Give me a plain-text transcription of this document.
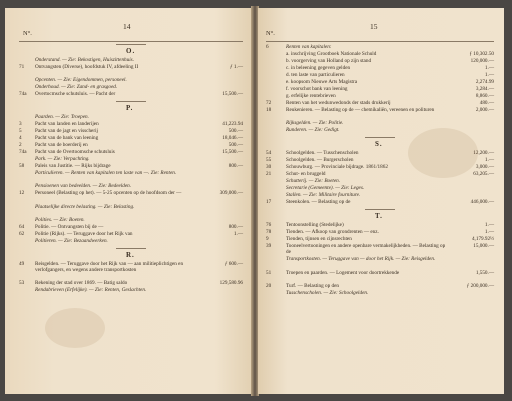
14
N°.
O.
Onderstand. — Zie: Bekostigen, Huiszittenhuis.
71	Ontvangsten (Diverse), hoofdstuk IV, afdeeling II	ƒ 1.—
Opcenten. — Zie: Eigendommen, personeel.
Onderhoud. — Zie: Zand- en grasgoed.
74a	Overtocmsche schutsluis. — Pacht der	15,500.—
P.
Paarden. — Zie: Troepen.
3	Pacht van landen en landerijen	41,223.94
5	Pacht van de jagt en visscherij	500.—
4	Pacht van de bank van leening	18,046.—
2	Pacht van de boerderij en	500.—
74a	Pacht van de Overtoomsche schutsluis	15,500.—
Park. — Zie: Verpachting.
58	Paleis van Justitie. — Rijks bijdrage	800.—
Particulieren. — Renten van kapitalen ten laste van —. Zie: Renten.
Pensioenen van bedeelden. — Zie: Bedeelden.
12	Personeel (Belasting op het). — 5-25 opcenten op de hoofdsom der —	309,000.—
Plaatselijke directe belasting. — Zie: Belasting.
Polities. — Zie: Boeten.
64	Politie. — Ontvangsten bij de —	800.—
62	Politie (Rijks). — Teruggave door het Rijk van	1.—
Politieren. — Zie: Bezaandwerken.
R.
49	Reisgelden. — Teruggave door het Rijk van — aan militieplichtigen en verlofgangers, en wegens andere transportkosten
ƒ 600.—
53	Rekening der stad over 1869. — Batig saldo	129,580.96
Rendabrieven (Erfelijke). — Zie: Renten, Geslachten.
15
N°.
6	Renten van kapitalen:
a. inschrijving Grootboek Nationale Schuld	ƒ 10,302.50
b. voorgerving van Holland op zijn stand	120,000.—
c. in beleening gegeven gelden	1.—
d. ten laste van particulieren	1.—
e. koopsom Nieuwe Arts Magistra	2,274.99
f. voorschot bank van leening	3,284.—
g. erfelijke rentebrieven	8,860.—
72	Renten van het wedunwedonds der stads drukkerij	480.—
18	Reukenieren. — Belasting op de — chemikaliën, vereenen en polituren	2,000.—
Rijksgelden. — Zie: Politie.
Runderen. — Zie: Gedigt.
S.
54	Schoolgelden. — Tusschenscholen	12,200.—
55	Schoolgelden. — Burgerscholen	1.—
30	Schouwburg. — Provinciale bijdrage. 1861/1862	3,000.—
21	Schut- en bruggeld	63,205.—
Schutterij. — Zie: Boeten.
Secretarie (Gemeente). — Zie: Leges.
Stallen. — Zie: Militaire fourniture.
17	Steenkolen. — Belasting op de	446,000.—
T.
76	Tentoonstelling (Stedelijke)	1.—
78	Tienden. — Afkoop van grondrenten — enz.	1.—
9	Tienden, tijnsen en cijnsrechten	4,179.92½
39	Tooneelvertooningen en andere openbare vermakelijkheden. — Belasting op de
15,000.—
Transportkosten. — Teruggave van — door het Rijk. — Zie: Reisgelden.
51	Troepen en paarden. — Logement voor doortrekkende	1,550.—
20	Turf. — Belasting op den	ƒ 200,000.—
Tusschenscholen. — Zie: Schoolgelden.
